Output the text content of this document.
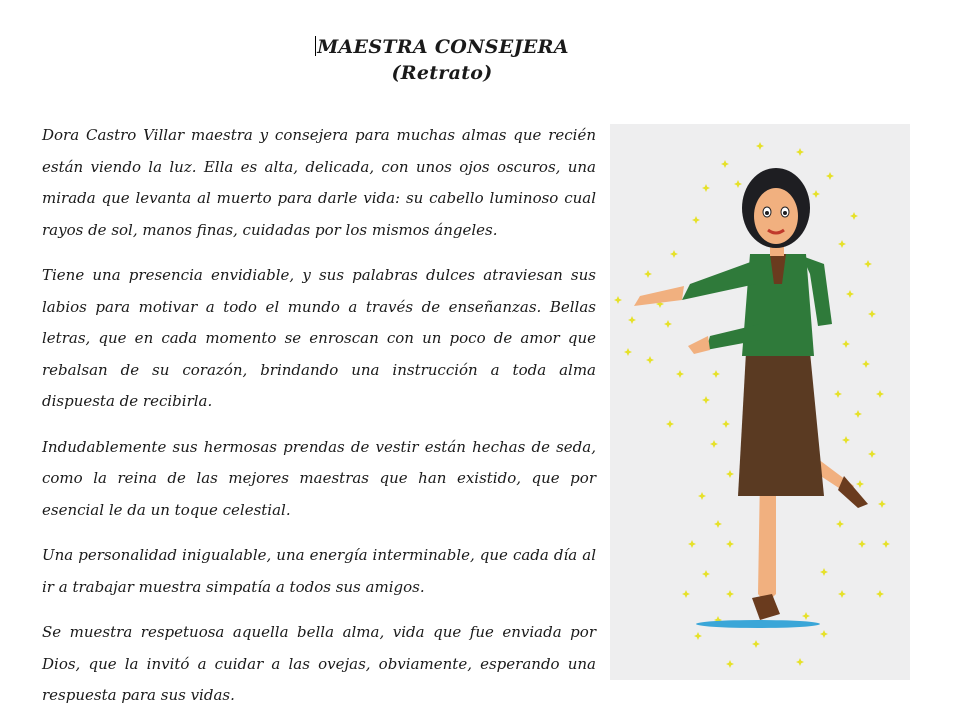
MAESTRA CONSEJERA
(Retrato)

Dora Castro Villar maestra y consejera para muchas almas que recién están viendo la luz. Ella es alta, delicada, con unos ojos oscuros, una mirada que levanta al muerto para darle vida: su cabello luminoso cual rayos de sol, manos finas, cuidadas por los mismos ángeles.

Tiene una presencia envidiable, y sus palabras dulces atraviesan sus labios para motivar a todo el mundo a través de enseñanzas. Bellas letras, que en cada momento se enroscan con un poco de amor que rebalsan de su corazón, brindando una instrucción a toda alma dispuesta de recibirla.

Indudablemente sus hermosas prendas de vestir están hechas de seda, como la reina de las mejores maestras que han existido, que por esencial le da un toque celestial.

Una personalidad inigualable, una energía interminable, que cada día al ir a trabajar muestra simpatía a todos sus amigos.

Se muestra respetuosa aquella bella alma, vida que fue enviada por Dios, que la invitó a cuidar a las ovejas, obviamente, esperando una respuesta para sus vidas.
